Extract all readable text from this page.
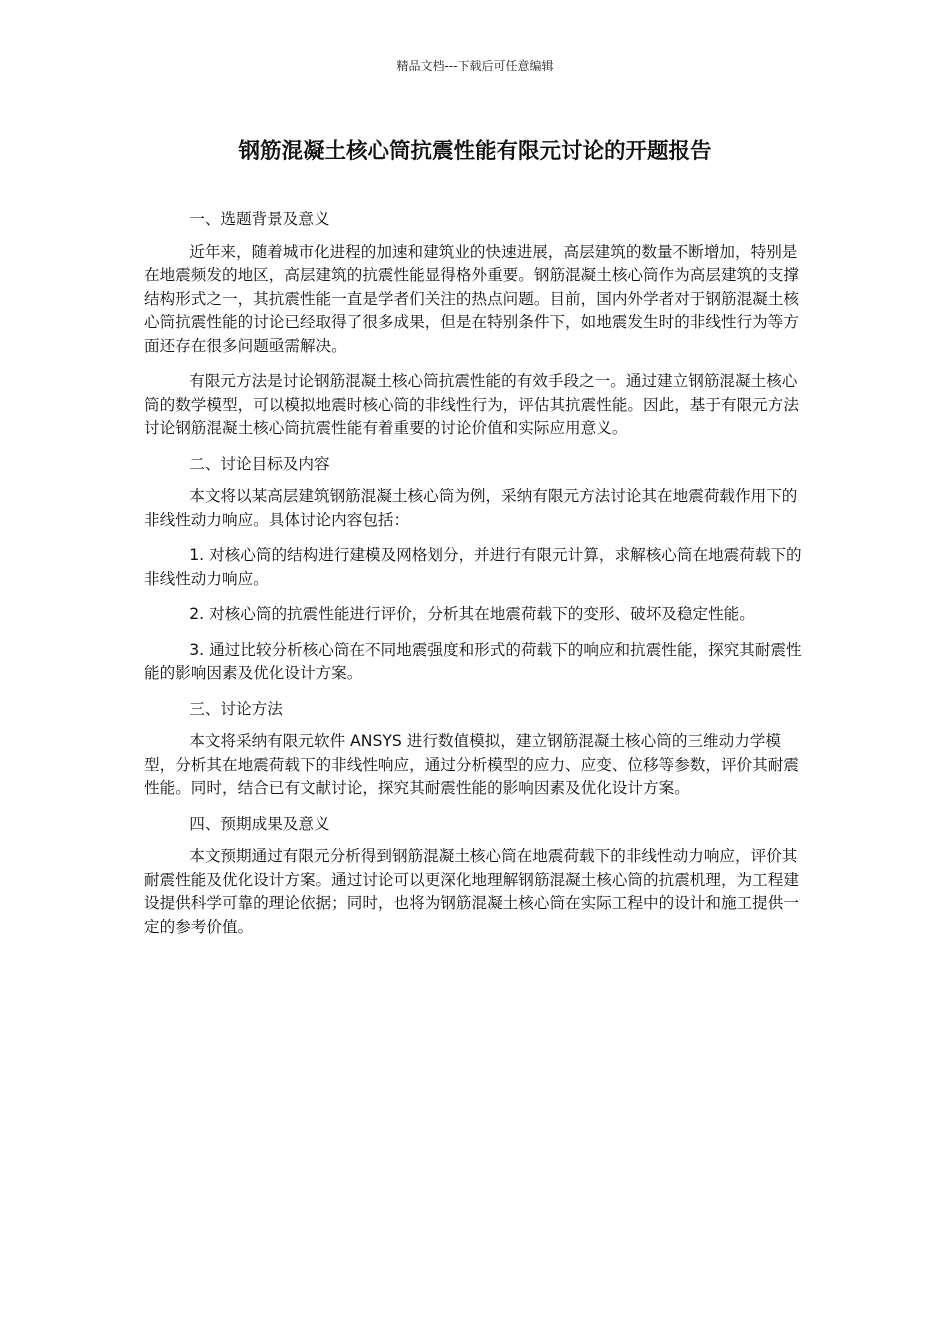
精品文档---下载后可任意编辑
钢筋混凝土核心筒抗震性能有限元讨论的开题报告

一、选题背景及意义

近年来，随着城市化进程的加速和建筑业的快速进展，高层建筑的数量不断增加，特别是在地震频发的地区，高层建筑的抗震性能显得格外重要。钢筋混凝土核心筒作为高层建筑的支撑结构形式之一，其抗震性能一直是学者们关注的热点问题。目前，国内外学者对于钢筋混凝土核心筒抗震性能的讨论已经取得了很多成果，但是在特别条件下，如地震发生时的非线性行为等方面还存在很多问题亟需解决。

有限元方法是讨论钢筋混凝土核心筒抗震性能的有效手段之一。通过建立钢筋混凝土核心筒的数学模型，可以模拟地震时核心筒的非线性行为，评估其抗震性能。因此，基于有限元方法讨论钢筋混凝土核心筒抗震性能有着重要的讨论价值和实际应用意义。

二、讨论目标及内容

本文将以某高层建筑钢筋混凝土核心筒为例，采纳有限元方法讨论其在地震荷载作用下的非线性动力响应。具体讨论内容包括：

1. 对核心筒的结构进行建模及网格划分，并进行有限元计算，求解核心筒在地震荷载下的非线性动力响应。

2. 对核心筒的抗震性能进行评价，分析其在地震荷载下的变形、破坏及稳定性能。

3. 通过比较分析核心筒在不同地震强度和形式的荷载下的响应和抗震性能，探究其耐震性能的影响因素及优化设计方案。

三、讨论方法

本文将采纳有限元软件 ANSYS 进行数值模拟，建立钢筋混凝土核心筒的三维动力学模型，分析其在地震荷载下的非线性响应，通过分析模型的应力、应变、位移等参数，评价其耐震性能。同时，结合已有文献讨论，探究其耐震性能的影响因素及优化设计方案。

四、预期成果及意义

本文预期通过有限元分析得到钢筋混凝土核心筒在地震荷载下的非线性动力响应，评价其耐震性能及优化设计方案。通过讨论可以更深化地理解钢筋混凝土核心筒的抗震机理，为工程建设提供科学可靠的理论依据；同时，也将为钢筋混凝土核心筒在实际工程中的设计和施工提供一定的参考价值。
